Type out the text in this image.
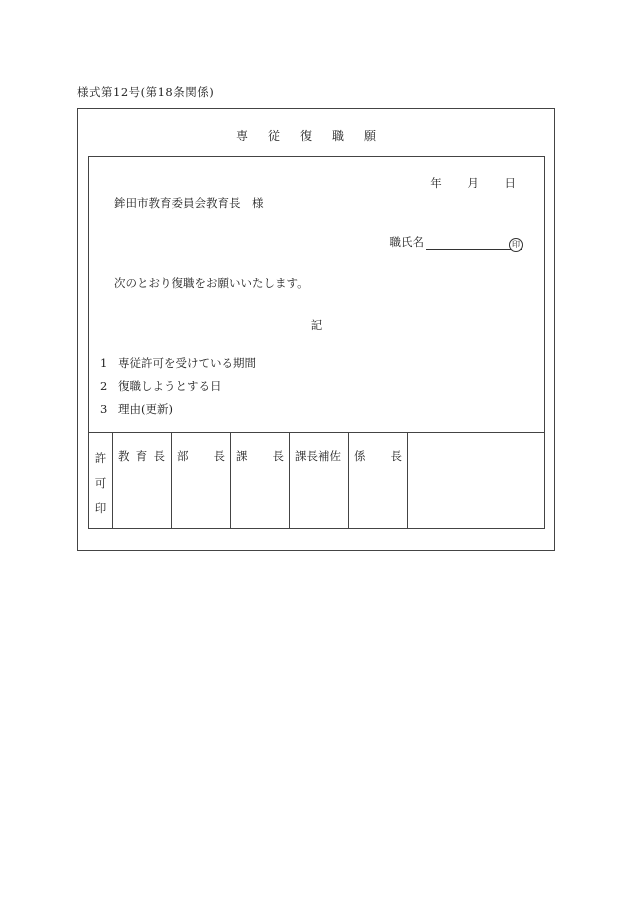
様式第12号(第18条関係)
専従復職願
年 月 日
鉾田市教育委員会教育長　様
職氏名	印
次のとおり復職をお願いいたします。
記
1 専従許可を受けている期間
2 復職しようとする日
3 理由(更新)
許
可
印
教 育 長 部 長 課 長 課長補佐 係 長
